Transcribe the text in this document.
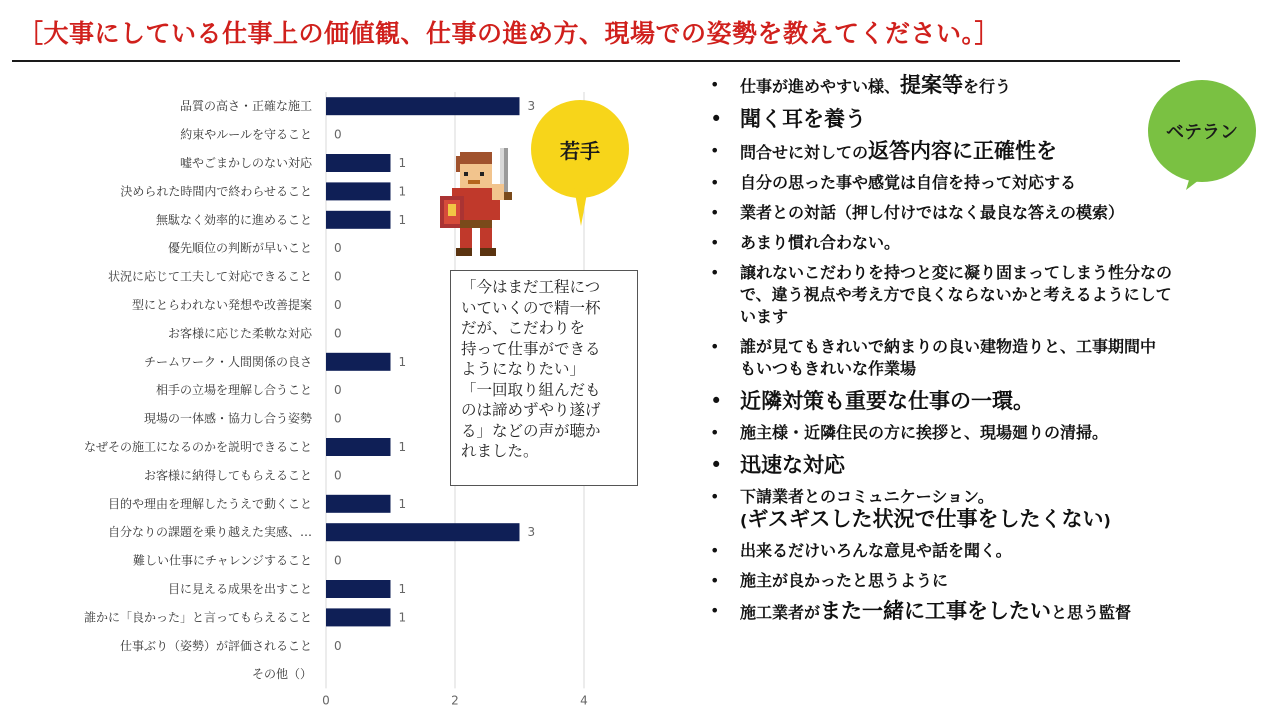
［大事にしている仕事上の価値観、仕事の進め方、現場での姿勢を教えてください。］
0	2	4
品質の高さ・正確な施工	3
約束やルールを守ること 0
嘘やごまかしのない対応	1
決められた時間内で終わらせること	1
無駄なく効率的に進めること	1
優先順位の判断が早いこと 0
状況に応じて工夫して対応できること 0
型にとらわれない発想や改善提案 0
お客様に応じた柔軟な対応 0
チームワーク・人間関係の良さ	1
相手の立場を理解し合うこと 0
現場の一体感・協力し合う姿勢 0
なぜその施工になるのかを説明できること	1
お客様に納得してもらえること 0
目的や理由を理解したうえで動くこと	1
自分なりの課題を乗り越えた実感、…	3
難しい仕事にチャレンジすること 0
目に見える成果を出すこと	1
誰かに「良かった」と言ってもらえること	1
仕事ぶり（姿勢）が評価されること 0
その他（）
若手
ベテラン
「今はまだ工程につ
いていくので精一杯
だが、こだわりを
持って仕事ができる
ようになりたい」
「一回取り組んだも
のは諦めずやり遂げ
る」などの声が聴か
れました。
• 仕事が進めやすい様、提案等を行う
• 聞く耳を養う
• 問合せに対しての返答内容に正確性を
• 自分の思った事や感覚は自信を持って対応する
• 業者との対話（押し付けではなく最良な答えの模索）
• あまり慣れ合わない。
• 譲れないこだわりを持つと変に凝り固まってしまう性分なの
で、違う視点や考え方で良くならないかと考えるようにして
います
• 誰が見てもきれいで納まりの良い建物造りと、工事期間中
もいつもきれいな作業場
• 近隣対策も重要な仕事の一環。
• 施主様・近隣住民の方に挨拶と、現場廻りの清掃。
• 迅速な対応
• 下請業者とのコミュニケーション。
(ギスギスした状況で仕事をしたくない)
• 出来るだけいろんな意見や話を聞く。
• 施主が良かったと思うように
• 施工業者がまた一緒に工事をしたいと思う監督
